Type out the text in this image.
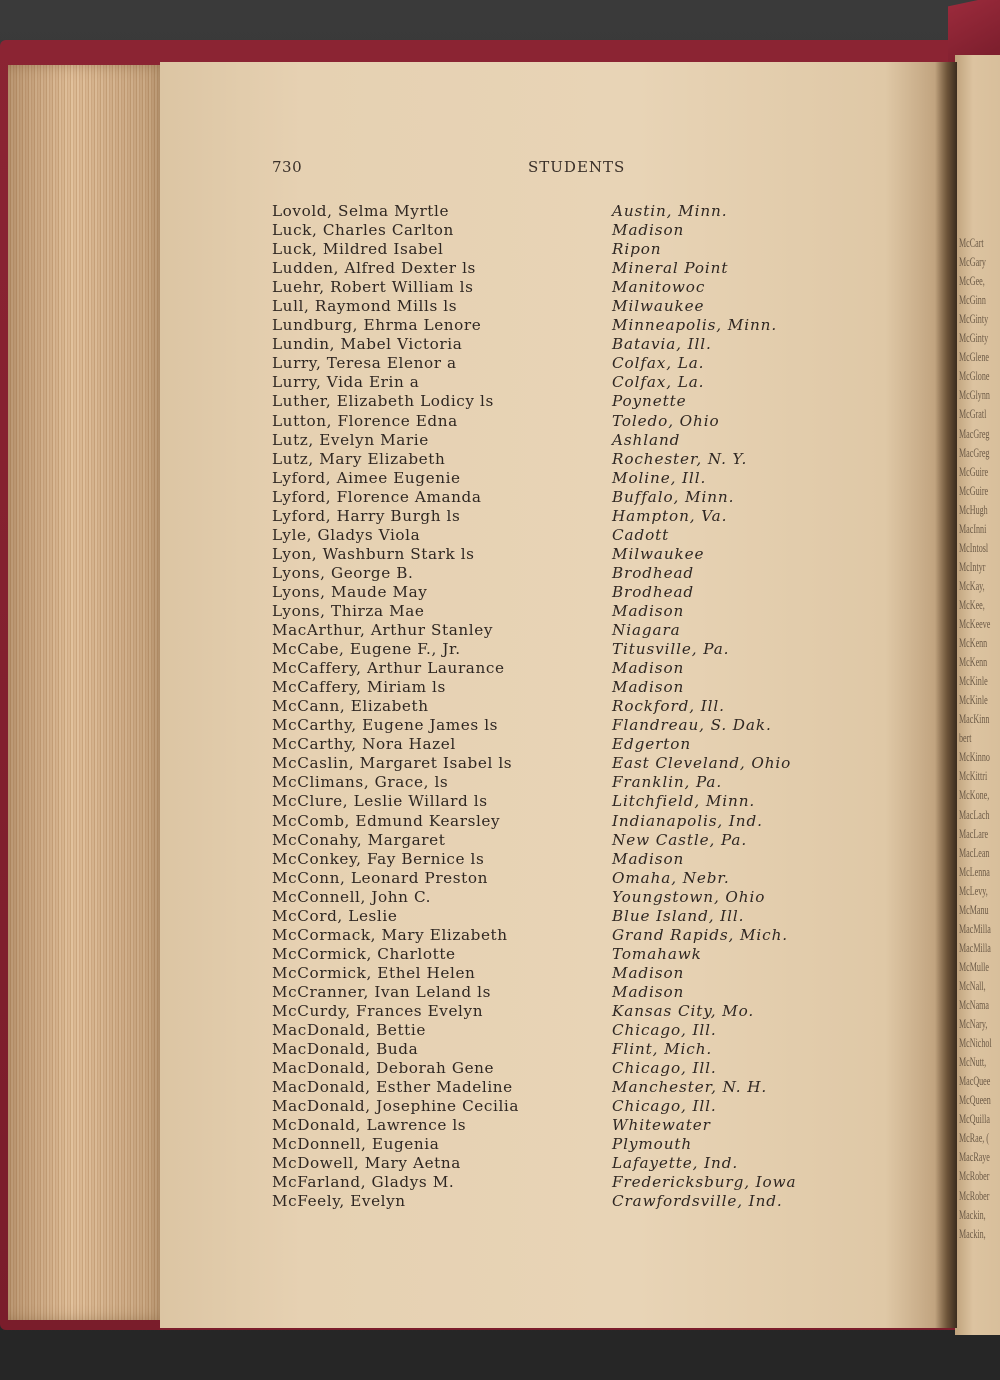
McCart
McGary
McGee,
McGinn
McGinty
McGinty
McGlene
McGlone
McGlynn
McGratl
MacGreg
MacGreg
McGuire
McGuire
McHugh
MacInni
McIntosl
McIntyr
McKay,
McKee,
McKeeve
McKenn
McKenn
McKinle
McKinle
MacKinn
bert
McKinno
McKittri
McKone,
MacLach
MacLare
MacLean
McLenna
McLevy,
McManu
MacMilla
MacMilla
McMulle
McNall,
McNama
McNary,
McNichol
McNutt,
MacQuee
McQueen
McQuilla
McRae, (
MacRaye
McRober
McRober
Mackin,
Mackin,
730	STUDENTS
Lovold, Selma Myrtle	Austin, Minn.
Luck, Charles Carlton	Madison
Luck, Mildred Isabel	Ripon
Ludden, Alfred Dexter ls	Mineral Point
Luehr, Robert William ls	Manitowoc
Lull, Raymond Mills ls	Milwaukee
Lundburg, Ehrma Lenore	Minneapolis, Minn.
Lundin, Mabel Victoria	Batavia, Ill.
Lurry, Teresa Elenor a	Colfax, La.
Lurry, Vida Erin a	Colfax, La.
Luther, Elizabeth Lodicy ls	Poynette
Lutton, Florence Edna	Toledo, Ohio
Lutz, Evelyn Marie	Ashland
Lutz, Mary Elizabeth	Rochester, N. Y.
Lyford, Aimee Eugenie	Moline, Ill.
Lyford, Florence Amanda	Buffalo, Minn.
Lyford, Harry Burgh ls	Hampton, Va.
Lyle, Gladys Viola	Cadott
Lyon, Washburn Stark ls	Milwaukee
Lyons, George B.	Brodhead
Lyons, Maude May	Brodhead
Lyons, Thirza Mae	Madison
MacArthur, Arthur Stanley	Niagara
McCabe, Eugene F., Jr.	Titusville, Pa.
McCaffery, Arthur Laurance	Madison
McCaffery, Miriam ls	Madison
McCann, Elizabeth	Rockford, Ill.
McCarthy, Eugene James ls	Flandreau, S. Dak.
McCarthy, Nora Hazel	Edgerton
McCaslin, Margaret Isabel ls	East Cleveland, Ohio
McClimans, Grace, ls	Franklin, Pa.
McClure, Leslie Willard ls	Litchfield, Minn.
McComb, Edmund Kearsley	Indianapolis, Ind.
McConahy, Margaret	New Castle, Pa.
McConkey, Fay Bernice ls	Madison
McConn, Leonard Preston	Omaha, Nebr.
McConnell, John C.	Youngstown, Ohio
McCord, Leslie	Blue Island, Ill.
McCormack, Mary Elizabeth	Grand Rapids, Mich.
McCormick, Charlotte	Tomahawk
McCormick, Ethel Helen	Madison
McCranner, Ivan Leland ls	Madison
McCurdy, Frances Evelyn	Kansas City, Mo.
MacDonald, Bettie	Chicago, Ill.
MacDonald, Buda	Flint, Mich.
MacDonald, Deborah Gene	Chicago, Ill.
MacDonald, Esther Madeline	Manchester, N. H.
MacDonald, Josephine Cecilia	Chicago, Ill.
McDonald, Lawrence ls	Whitewater
McDonnell, Eugenia	Plymouth
McDowell, Mary Aetna	Lafayette, Ind.
McFarland, Gladys M.	Fredericksburg, Iowa
McFeely, Evelyn	Crawfordsville, Ind.
